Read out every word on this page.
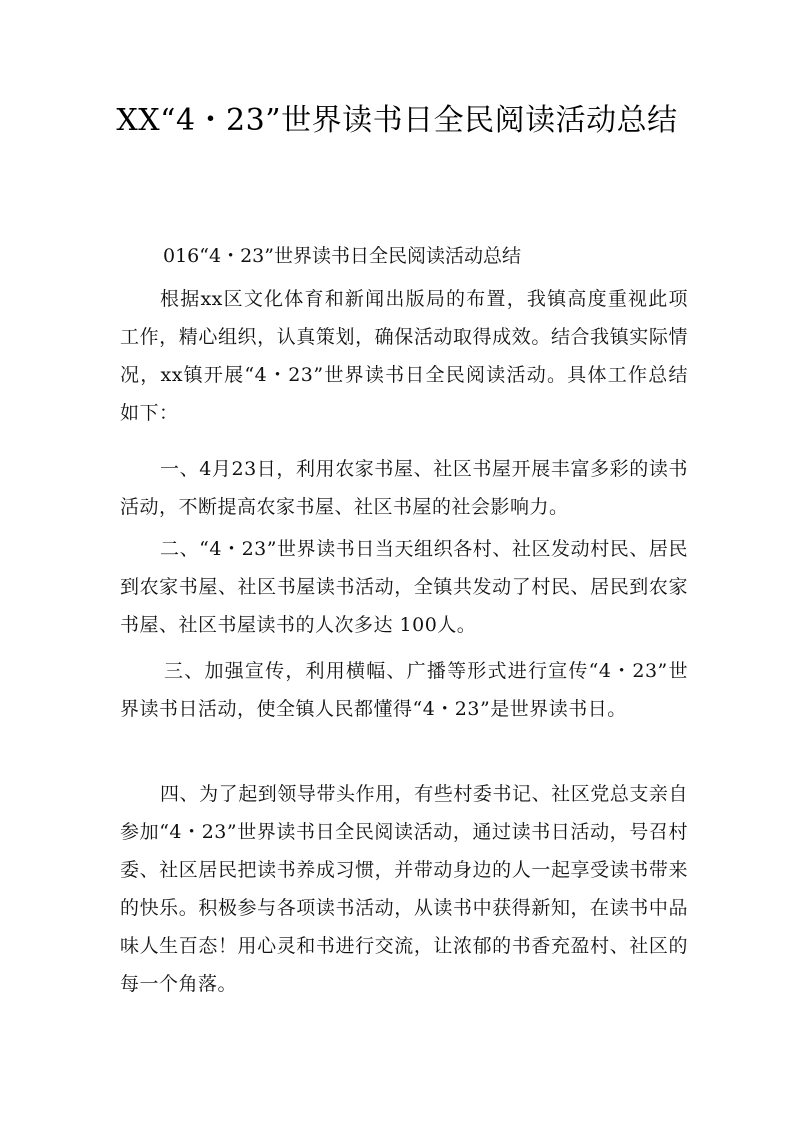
XX“4・23”世界读书日全民阅读活动总结

016“4・23”世界读书日全民阅读活动总结

根据xx区文化体育和新闻出版局的布置，我镇高度重视此项工作，精心组织，认真策划，确保活动取得成效。结合我镇实际情况，xx镇开展“4・23”世界读书日全民阅读活动。具体工作总结如下：

一、4月23日，利用农家书屋、社区书屋开展丰富多彩的读书活动，不断提高农家书屋、社区书屋的社会影响力。

二、“4・23”世界读书日当天组织各村、社区发动村民、居民到农家书屋、社区书屋读书活动，全镇共发动了村民、居民到农家书屋、社区书屋读书的人次多达 100人。

三、加强宣传，利用横幅、广播等形式进行宣传“4・23”世界读书日活动，使全镇人民都懂得“4・23”是世界读书日。

四、为了起到领导带头作用，有些村委书记、社区党总支亲自参加“4・23”世界读书日全民阅读活动，通过读书日活动，号召村委、社区居民把读书养成习惯，并带动身边的人一起享受读书带来的快乐。积极参与各项读书活动，从读书中获得新知，在读书中品味人生百态！用心灵和书进行交流，让浓郁的书香充盈村、社区的每一个角落。
